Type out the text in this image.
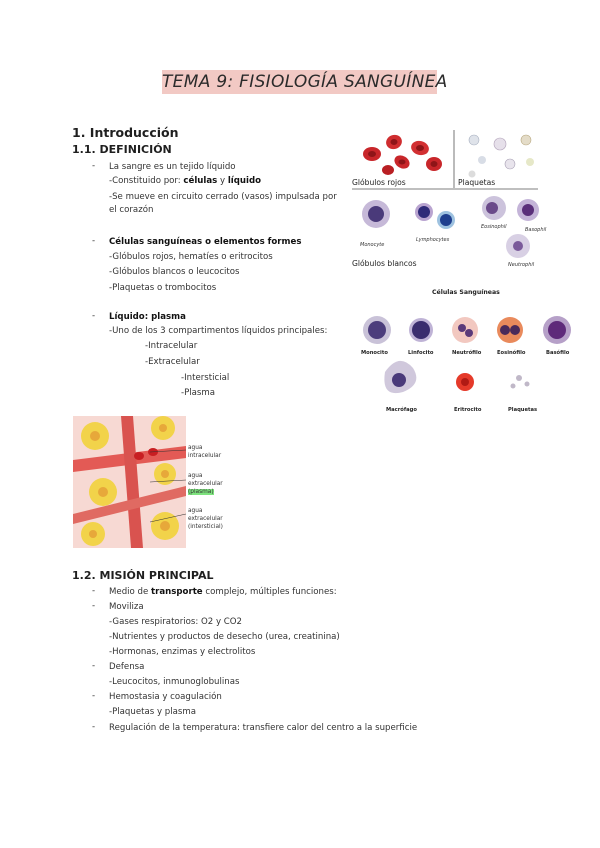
TEMA 9: FISIOLOGÍA SANGUÍNEA
1. Introducción
1.1. DEFINICIÓN
- La sangre es un tejido líquido
-Constituido por: células y líquido
-Se mueve en circuito cerrado (vasos) impulsada por el corazón
- Células sanguíneas o elementos formes
-Glóbulos rojos, hematíes o eritrocitos
-Glóbulos blancos o leucocitos
-Plaquetas o trombocitos
- Líquido: plasma
-Uno de los 3 compartimentos líquidos principales:
-Intracelular
-Extracelular
-Intersticial
-Plasma
Glóbulos rojos	Plaquetas
Glóbulos blancos
Eosinophil	Basophil
Monocyte
Lymphocytes
Neutrophil
Células Sanguíneas
Monocito	Linfocito	Neutrófilo	Eosinófilo	Basófilo
Macrófago	Eritrocito	Plaquetas
agua
intracelular
agua
extracelular
(plasma)
agua
extracelular
(intersticial)
1.2. MISIÓN PRINCIPAL
- Medio de transporte complejo, múltiples funciones:
- Moviliza
-Gases respiratorios: O2 y CO2
-Nutrientes y productos de desecho (urea, creatinina)
-Hormonas, enzimas y electrolitos
- Defensa
-Leucocitos, inmunoglobulinas
- Hemostasia y coagulación
-Plaquetas y plasma
- Regulación de la temperatura: transfiere calor del centro a la superficie
